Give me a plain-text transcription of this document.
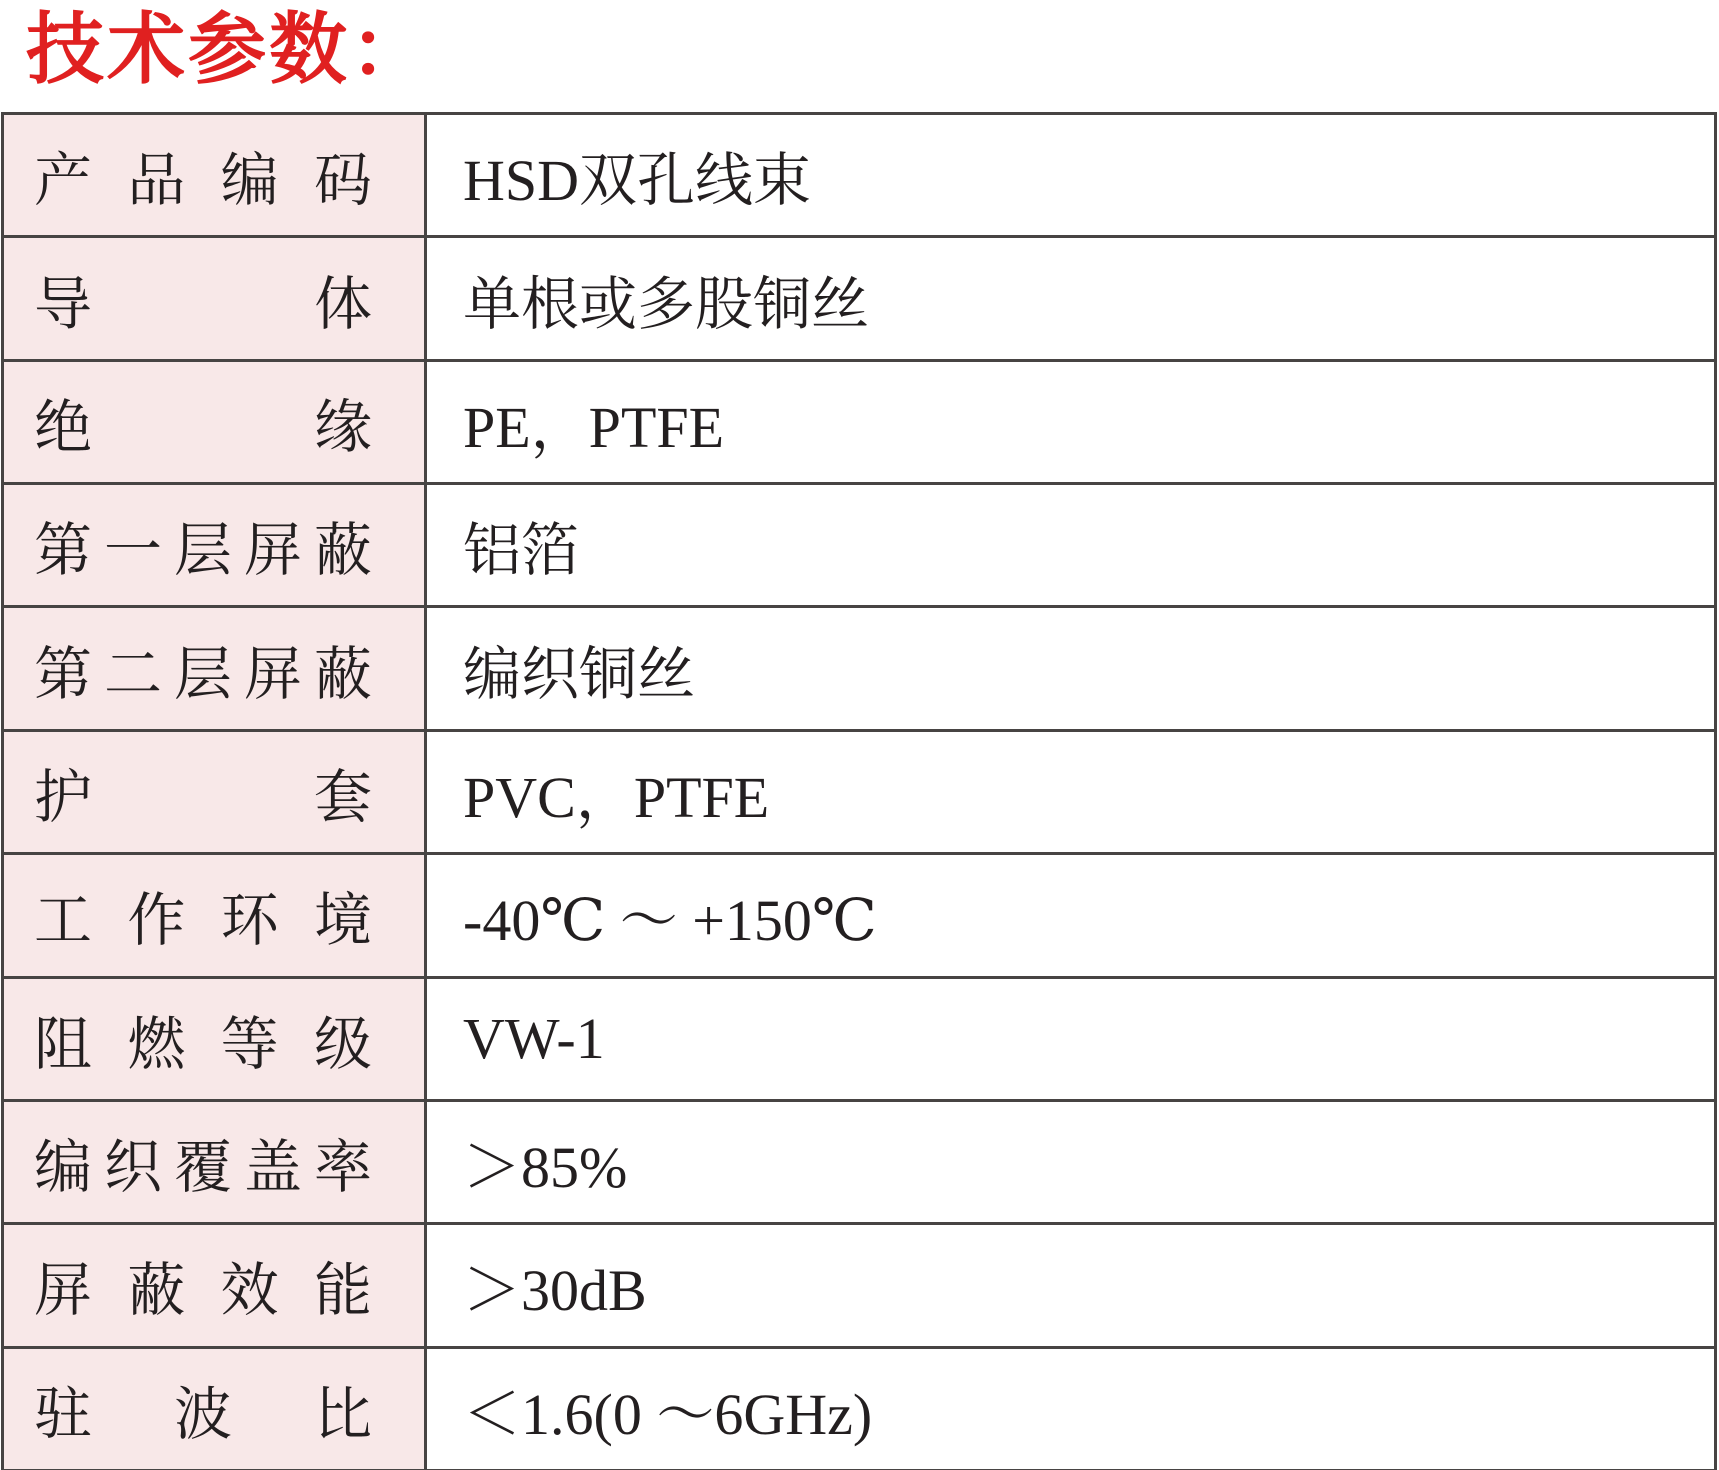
技术参数：
产品编码	HSD双孔线束
导体	单根或多股铜丝
绝缘	PE，PTFE
第一层屏蔽	铝箔
第二层屏蔽	编织铜丝
护套	PVC，PTFE
工作环境	-40℃ ～ +150℃
阻燃等级	VW-1
编织覆盖率	＞85%
屏蔽效能	＞30dB
驻波比	＜1.6(0 ～6GHz)
